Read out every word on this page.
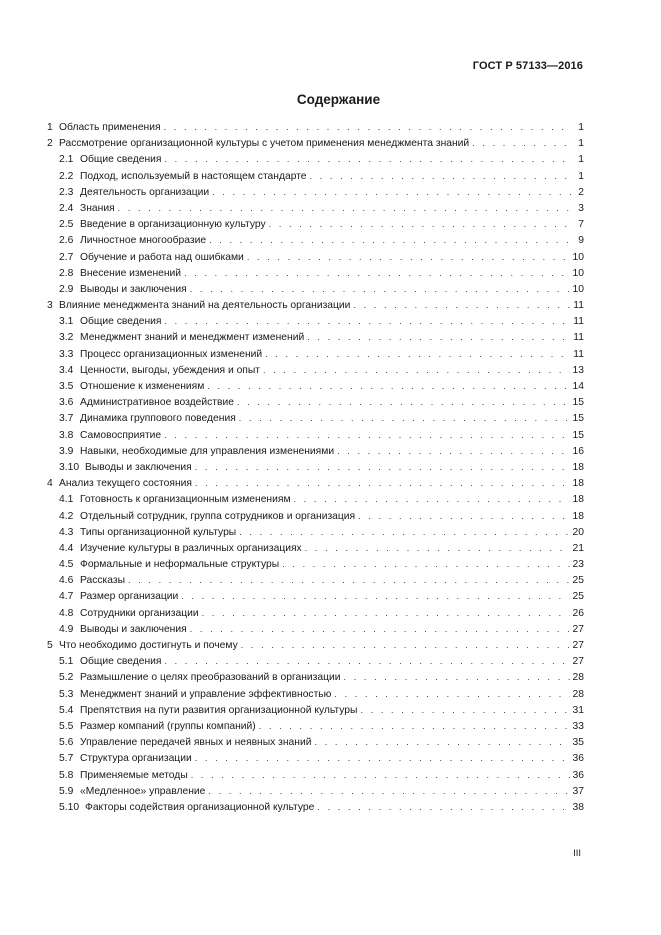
ГОСТ Р 57133—2016
Содержание
1 Область применения . . .	1
2 Рассмотрение организационной культуры с учетом применения менеджмента знаний . . .	1
2.1 Общие сведения . . .	1
2.2 Подход, используемый в настоящем стандарте . . .	1
2.3 Деятельность организации . . .	2
2.4 Знания . . .	3
2.5 Введение в организационную культуру . . .	7
2.6 Личностное многообразие . . .	9
2.7 Обучение и работа над ошибками . . .	10
2.8 Внесение изменений . . .	10
2.9 Выводы и заключения . . .	10
3 Влияние менеджмента знаний на деятельность организации . . .	11
3.1 Общие сведения . . .	11
3.2 Менеджмент знаний и менеджмент изменений . . .	11
3.3 Процесс организационных изменений . . .	11
3.4 Ценности, выгоды, убеждения и опыт . . .	13
3.5 Отношение к изменениям . . .	14
3.6 Административное воздействие . . .	15
3.7 Динамика группового поведения . . .	15
3.8 Самовосприятие . . .	15
3.9 Навыки, необходимые для управления изменениями . . .	16
3.10 Выводы и заключения . . .	18
4 Анализ текущего состояния . . .	18
4.1 Готовность к организационным изменениям . . .	18
4.2 Отдельный сотрудник, группа сотрудников и организация . . .	18
4.3 Типы организационной культуры . . .	20
4.4 Изучение культуры в различных организациях . . .	21
4.5 Формальные и неформальные структуры . . .	23
4.6 Рассказы . . .	25
4.7 Размер организации . . .	25
4.8 Сотрудники организации . . .	26
4.9 Выводы и заключения . . .	27
5 Что необходимо достигнуть и почему . . .	27
5.1 Общие сведения . . .	27
5.2 Размышление о целях преобразований в организации . . .	28
5.3 Менеджмент знаний и управление эффективностью . . .	28
5.4 Препятствия на пути развития организационной культуры . . .	31
5.5 Размер компаний (группы компаний) . . .	33
5.6 Управление передачей явных и неявных знаний . . .	35
5.7 Структура организации . . .	36
5.8 Применяемые методы . . .	36
5.9 «Медленное» управление . . .	37
5.10 Факторы содействия организационной культуре . . .	38
III
